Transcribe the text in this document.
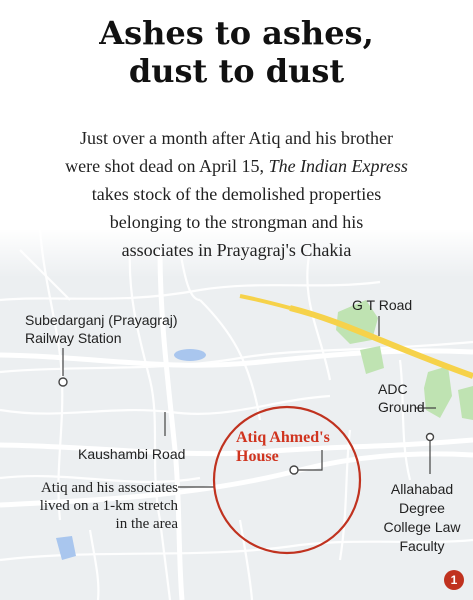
Ashes to ashes,
dust to dust
Just over a month after Atiq and his brother
were shot dead on April 15, The Indian Express
takes stock of the demolished properties
belonging to the strongman and his
associates in Prayagraj's Chakia
Subedarganj (Prayagraj)
Railway Station
G T Road
ADC
Ground
Kaushambi Road
Atiq Ahmed's
House
Atiq and his associates
lived on a 1-km stretch
in the area
Allahabad
Degree
College Law
Faculty
1
